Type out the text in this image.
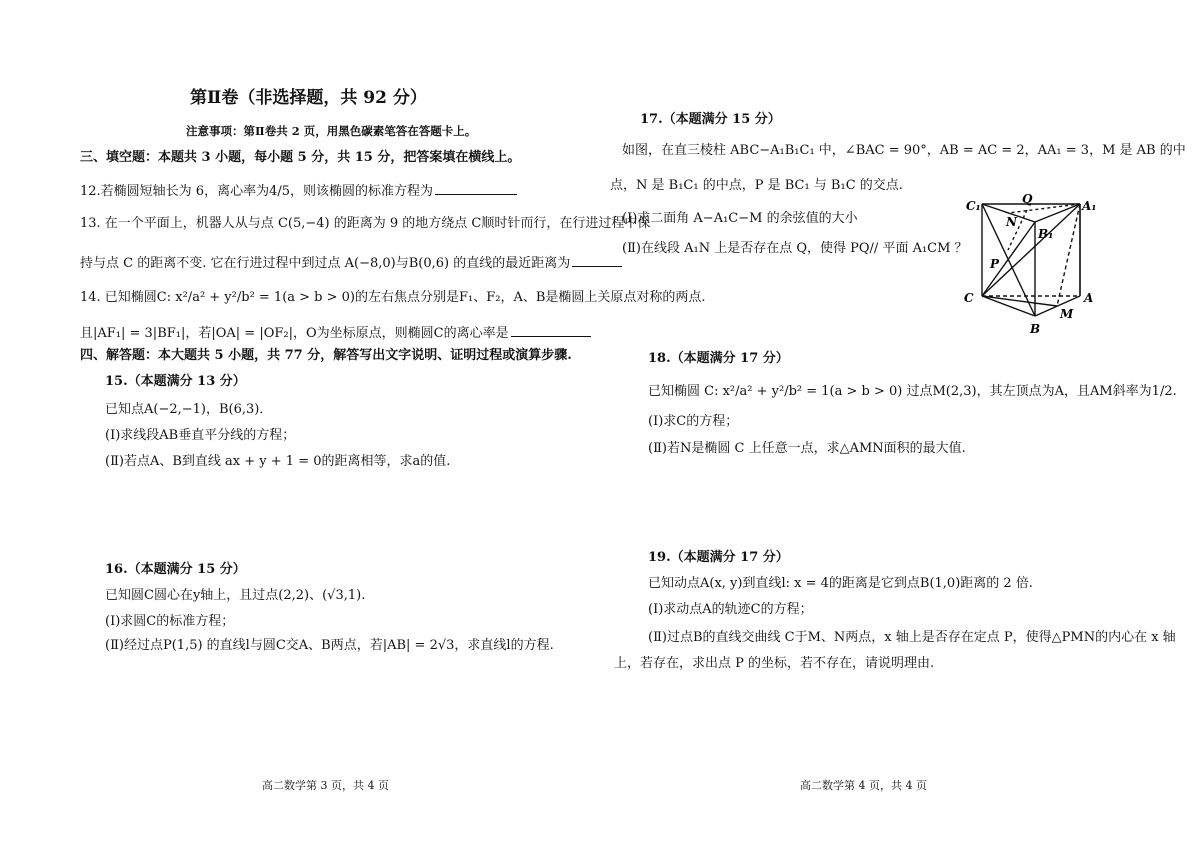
第Ⅱ卷（非选择题，共 92 分）
注意事项：第Ⅱ卷共 2 页，用黑色碳素笔答在答题卡上。
三、填空题：本题共 3 小题，每小题 5 分，共 15 分，把答案填在横线上。
12.若椭圆短轴长为 6，离心率为4/5，则该椭圆的标准方程为
13. 在一个平面上，机器人从与点 C(5,−4) 的距离为 9 的地方绕点 C顺时针而行，在行进过程中保
持与点 C 的距离不变. 它在行进过程中到过点 A(−8,0)与B(0,6) 的直线的最近距离为
14. 已知椭圆C: x²/a² + y²/b² = 1(a > b > 0)的左右焦点分别是F₁、F₂，A、B是椭圆上关原点对称的两点.
且|AF₁| = 3|BF₁|，若|OA| = |OF₂|，O为坐标原点，则椭圆C的离心率是
四、解答题：本大题共 5 小题，共 77 分，解答写出文字说明、证明过程或演算步骤.
15.（本题满分 13 分）
已知点A(−2,−1)，B(6,3)．
(Ⅰ)求线段AB垂直平分线的方程；
(Ⅱ)若点A、B到直线 ax + y + 1 = 0的距离相等，求a的值.
16.（本题满分 15 分）
已知圆C圆心在y轴上，且过点(2,2)、(√3,1).
(Ⅰ)求圆C的标准方程；
(Ⅱ)经过点P(1,5) 的直线l与圆C交A、B两点，若|AB| = 2√3，求直线l的方程.
高二数学第 3 页，共 4 页
17.（本题满分 15 分）
如图，在直三棱柱 ABC−A₁B₁C₁ 中，∠BAC = 90°，AB = AC = 2，AA₁ = 3，M 是 AB 的中
点，N 是 B₁C₁ 的中点，P 是 BC₁ 与 B₁C 的交点.
(Ⅰ)求二面角 A−A₁C−M 的余弦值的大小
(Ⅱ)在线段 A₁N 上是否存在点 Q，使得 PQ// 平面 A₁CM ？
C₁	Q	A₁
N
B₁
P
C	A
M
B
18.（本题满分 17 分）
已知椭圆 C: x²/a² + y²/b² = 1(a > b > 0) 过点M(2,3)，其左顶点为A，且AM斜率为1/2.
(Ⅰ)求C的方程；
(Ⅱ)若N是椭圆 C 上任意一点，求△AMN面积的最大值.
19.（本题满分 17 分）
已知动点A(x, y)到直线l: x = 4的距离是它到点B(1,0)距离的 2 倍.
(Ⅰ)求动点A的轨迹C的方程；
(Ⅱ)过点B的直线交曲线 C于M、N两点，x 轴上是否存在定点 P，使得△PMN的内心在 x 轴
上，若存在，求出点 P 的坐标，若不存在，请说明理由.
高二数学第 4 页，共 4 页
